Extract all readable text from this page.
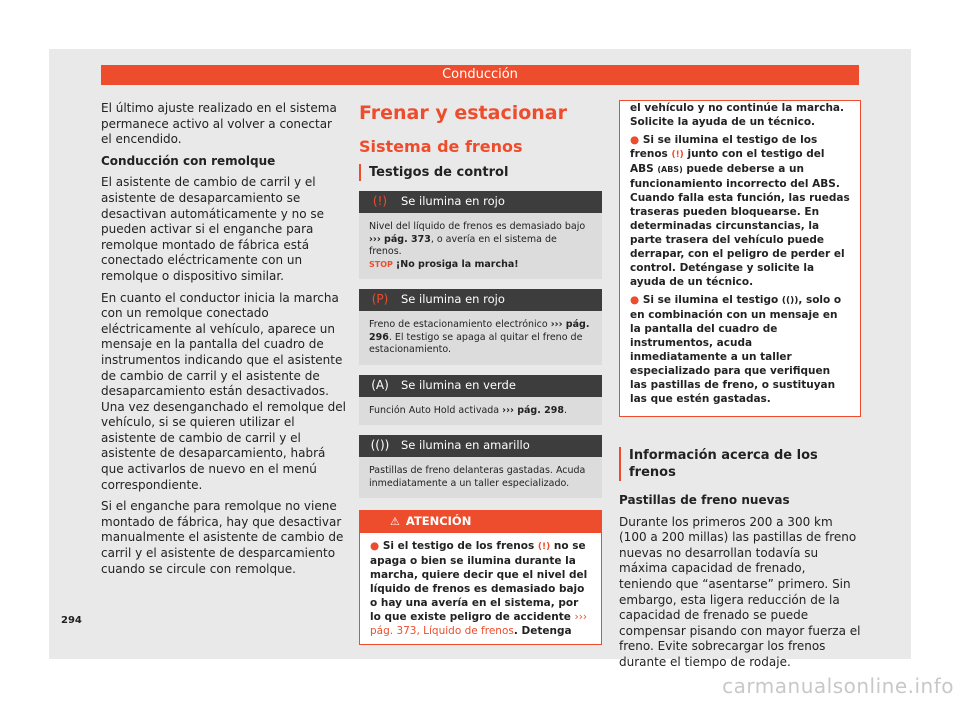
Conducción

El último ajuste realizado en el sistema permanece activo al volver a conectar el encendido.

Conducción con remolque

El asistente de cambio de carril y el asistente de desaparcamiento se desactivan automáticamente y no se pueden activar si el enganche para remolque montado de fábrica está conectado eléctricamente con un remolque o dispositivo similar.

En cuanto el conductor inicia la marcha con un remolque conectado eléctricamente al vehículo, aparece un mensaje en la pantalla del cuadro de instrumentos indicando que el asistente de cambio de carril y el asistente de desaparcamiento están desactivados. Una vez desenganchado el remolque del vehículo, si se quieren utilizar el asistente de cambio de carril y el asistente de desaparcamiento, habrá que activarlos de nuevo en el menú correspondiente.

Si el enganche para remolque no viene montado de fábrica, hay que desactivar manualmente el asistente de cambio de carril y el asistente de desparcamiento cuando se circule con remolque.

Frenar y estacionar
Sistema de frenos
Testigos de control
(!)	Se ilumina en rojo
Nivel del líquido de frenos es demasiado bajo ››› pág. 373, o avería en el sistema de frenos.
STOP ¡No prosiga la marcha!
(P)	Se ilumina en rojo
Freno de estacionamiento electrónico ››› pág. 296. El testigo se apaga al quitar el freno de estacionamiento.
(A)	Se ilumina en verde
Función Auto Hold activada ››› pág. 298.
(())	Se ilumina en amarillo
Pastillas de freno delanteras gastadas. Acuda inmediatamente a un taller especializado.
⚠ ATENCIÓN
● Si el testigo de los frenos (!) no se apaga o bien se ilumina durante la marcha, quiere decir que el nivel del líquido de frenos es demasiado bajo o hay una avería en el sistema, por lo que existe peligro de accidente ››› pág. 373, Líquido de frenos. Detenga

el vehículo y no continúe la marcha. Solicite la ayuda de un técnico.

● Si se ilumina el testigo de los frenos (!) junto con el testigo del ABS (ABS) puede deberse a un funcionamiento incorrecto del ABS. Cuando falla esta función, las ruedas traseras pueden bloquearse. En determinadas circunstancias, la parte trasera del vehículo puede derrapar, con el peligro de perder el control. Deténgase y solicite la ayuda de un técnico.

● Si se ilumina el testigo (()), solo o en combinación con un mensaje en la pantalla del cuadro de instrumentos, acuda inmediatamente a un taller especializado para que verifiquen las pastillas de freno, o sustituyan las que estén gastadas.

Información acerca de los frenos

Pastillas de freno nuevas

Durante los primeros 200 a 300 km (100 a 200 millas) las pastillas de freno nuevas no desarrollan todavía su máxima capacidad de frenado, teniendo que “asentarse” primero. Sin embargo, esta ligera reducción de la capacidad de frenado se puede compensar pisando con mayor fuerza el freno. Evite sobrecargar los frenos durante el tiempo de rodaje.

294
carmanualsonline.info
